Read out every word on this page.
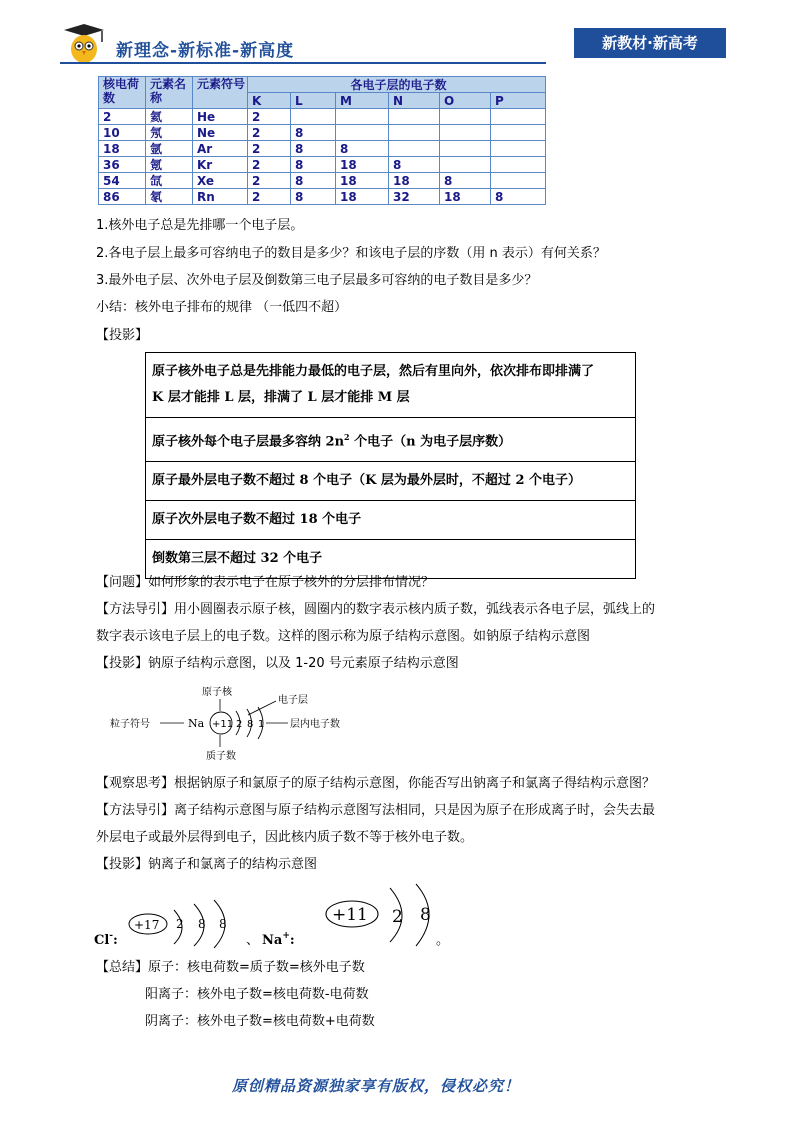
新理念-新标准-新高度	新教材·新高考
核电荷数	元素名称	元素符号	各电子层的电子数					
			K	L	M	N	O	P
2	氦	He	2					
10	氖	Ne	2	8				
18	氩	Ar	2	8	8			
36	氪	Kr	2	8	18	8		
54	氙	Xe	2	8	18	18	8	
86	氡	Rn	2	8	18	32	18	8
1.核外电子总是先排哪一个电子层。
2.各电子层上最多可容纳电子的数目是多少？和该电子层的序数（用 n 表示）有何关系？
3.最外电子层、次外电子层及倒数第三电子层最多可容纳的电子数目是多少？
小结：核外电子排布的规律 （一低四不超）
【投影】
原子核外电子总是先排能力最低的电子层，然后有里向外，依次排布即排满了
K 层才能排 L 层，排满了 L 层才能排 M 层
原子核外每个电子层最多容纳 $2n^2$ 个电子（n 为电子层序数）
原子最外层电子数不超过 8 个电子（K 层为最外层时，不超过 2 个电子）
原子次外层电子数不超过 18 个电子
倒数第三层不超过 32 个电子
【问题】如何形象的表示电子在原子核外的分层排布情况？
【方法导引】用小圆圈表示原子核，圆圈内的数字表示核内质子数，弧线表示各电子层，弧线上的
数字表示该电子层上的电子数。这样的图示称为原子结构示意图。如钠原子结构示意图
【投影】钠原子结构示意图，以及 1-20 号元素原子结构示意图
原子核
电子层
粒子符号	Na +11 2 8 1	层内电子数
质子数
【观察思考】根据钠原子和氯原子的原子结构示意图，你能否写出钠离子和氯离子得结构示意图？
【方法导引】离子结构示意图与原子结构示意图写法相同，只是因为原子在形成离子时，会失去最
外层电子或最外层得到电子，因此核内质子数不等于核外电子数。
【投影】钠离子和氯离子的结构示意图
Cl-:
+17 2 8 8
、 Na+:
+11 2 8
。
【总结】原子：核电荷数=质子数=核外电子数
阳离子：核外电子数=核电荷数-电荷数
阴离子：核外电子数=核电荷数+电荷数
原创精品资源独家享有版权，侵权必究！
